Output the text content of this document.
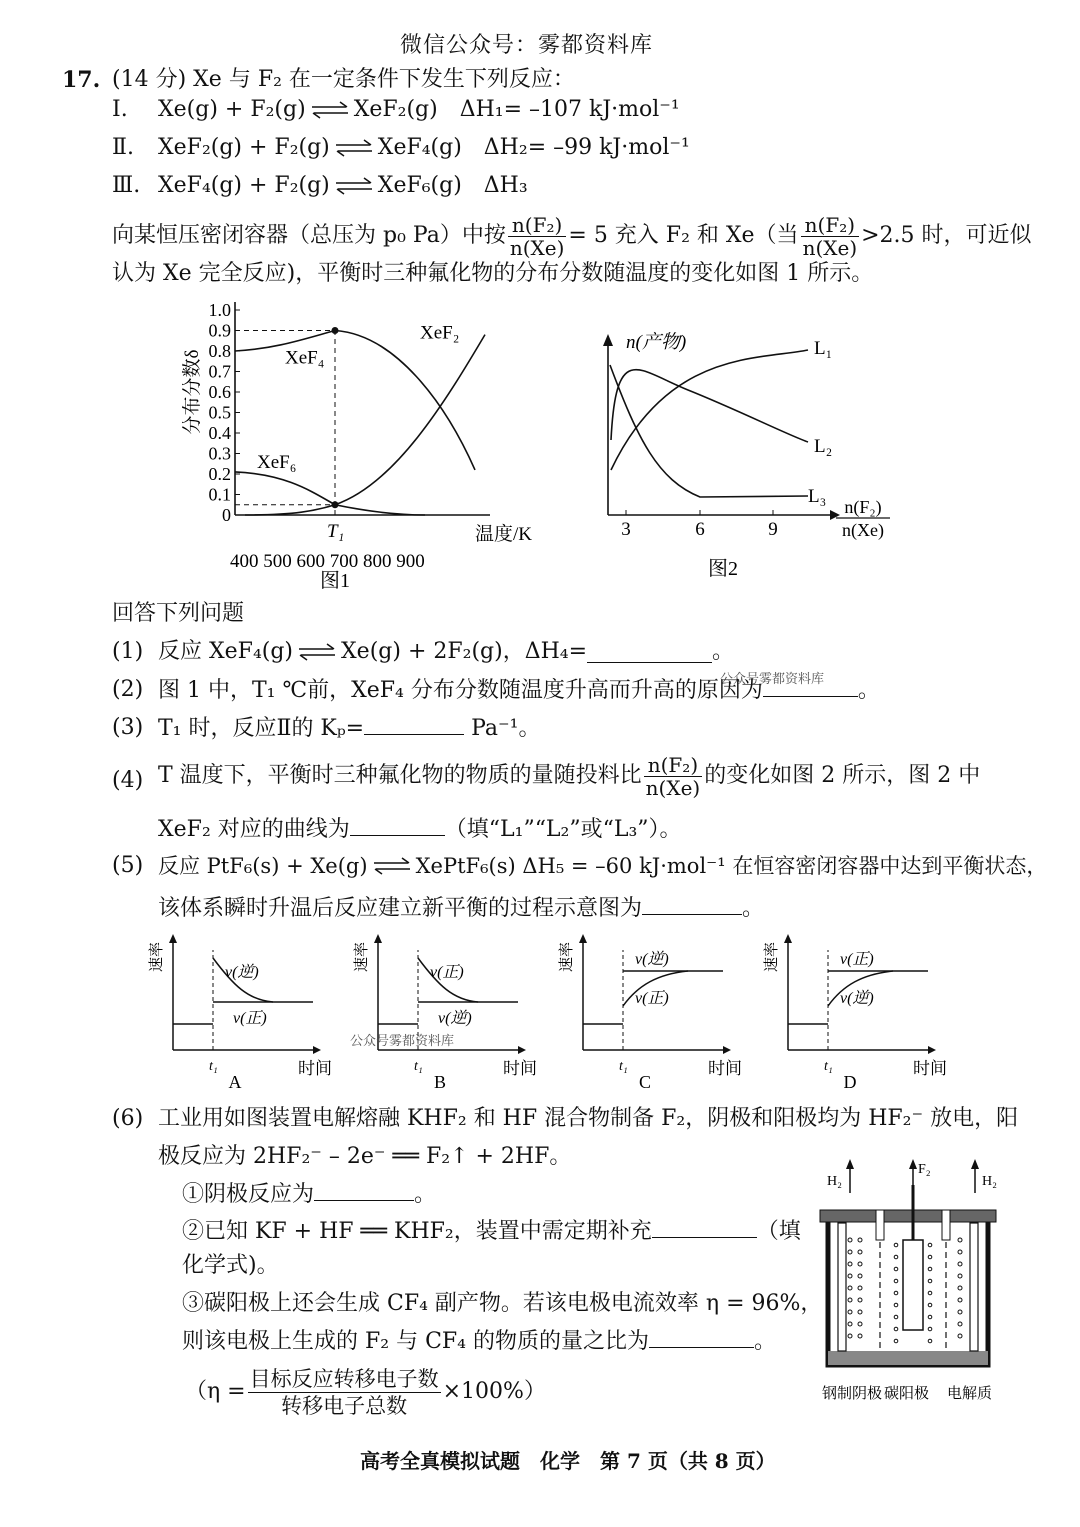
微信公众号：雾都资料库
17. (14 分) Xe 与 F₂ 在一定条件下发生下列反应：
Ⅰ.	Xe(g) + F₂(g) ⇌ XeF₂(g) ΔH₁= –107 kJ·mol⁻¹
Ⅱ.	XeF₂(g) + F₂(g) ⇌ XeF₄(g) ΔH₂= –99 kJ·mol⁻¹
Ⅲ. XeF₄(g) + F₂(g) ⇌ XeF₆(g) ΔH₃
向某恒压密闭容器（总压为 p₀ Pa）中按 $\frac{\text{n(F₂)}}{n(Xe)} = 5$ 充入 F₂ 和 Xe（当 $\frac{\text{n(F₂)}}{n(Xe)} >2.5$ 时，可近似
认为 Xe 完全反应)，平衡时三种氟化物的分布分数随温度的变化如图 1 所示。
1.0
0.9
0.8
0.7
0.6
0.5
0.4
0.3
0.2
0.1
0
XeF₄
XeF₂
XeF₆
T₁	温度/K
400 500 600 700 800 900
分布分数δ
图1
3	6	9
n(产物)	L₁
L₂
L₃ n(F₂)
n(Xe)
图2
回答下列问题
(1) 反应 XeF₄(g) ⇌ Xe(g) + 2F₂(g)，ΔH₄=	。
公众号雾都资料库
(2) 图 1 中，T₁ ℃前，XeF₄ 分布分数随温度升高而升高的原因为	。
(3) T₁ 时，反应Ⅱ的 Kₚ=	Pa⁻¹。
(4) T 温度下，平衡时三种氟化物的物质的量随投料比 $\frac{\text{n(F₂)}}{n(Xe)}$ 的变化如图 2 所示，图 2 中
XeF₂ 对应的曲线为	（填“L₁”“L₂”或“L₃”）。
(5) 反应 PtF₆(s) + Xe(g) ⇌ XePtF₆(s) ΔH₅ = –60 kJ·mol⁻¹ 在恒容密闭容器中达到平衡状态，
该体系瞬时升温后反应建立新平衡的过程示意图为	。
v(逆)
v(正)
速率
t₁	时间
A
v(正)
v(逆)
速率
t₁	时间
B
v(逆)
v(正)
速率
t₁	时间
C
v(正)
v(逆)
速率
t₁	时间
D
公众号雾都资料库
(6) 工业用如图装置电解熔融 KHF₂ 和 HF 混合物制备 F₂，阴极和阳极均为 HF₂⁻ 放电，阳
极反应为 2HF₂⁻ – 2e⁻ ══ F₂↑ + 2HF。
①阴极反应为	。
②已知 KF + HF ══ KHF₂，装置中需定期补充	（填
化学式)。
③碳阳极上还会生成 CF₄ 副产物。若该电极电流效率 η = 96%，
则该电极上生成的 F₂ 与 CF₄ 的物质的量之比为	。
$(\eta = \frac{\text{目标反应转移电子数}}{\text{转移电子总数}} \times 100\%)$
H₂
F₂
H₂
钢制阴极 碳阳极 电解质
高考全真模拟试题　化学　第 7 页（共 8 页）
